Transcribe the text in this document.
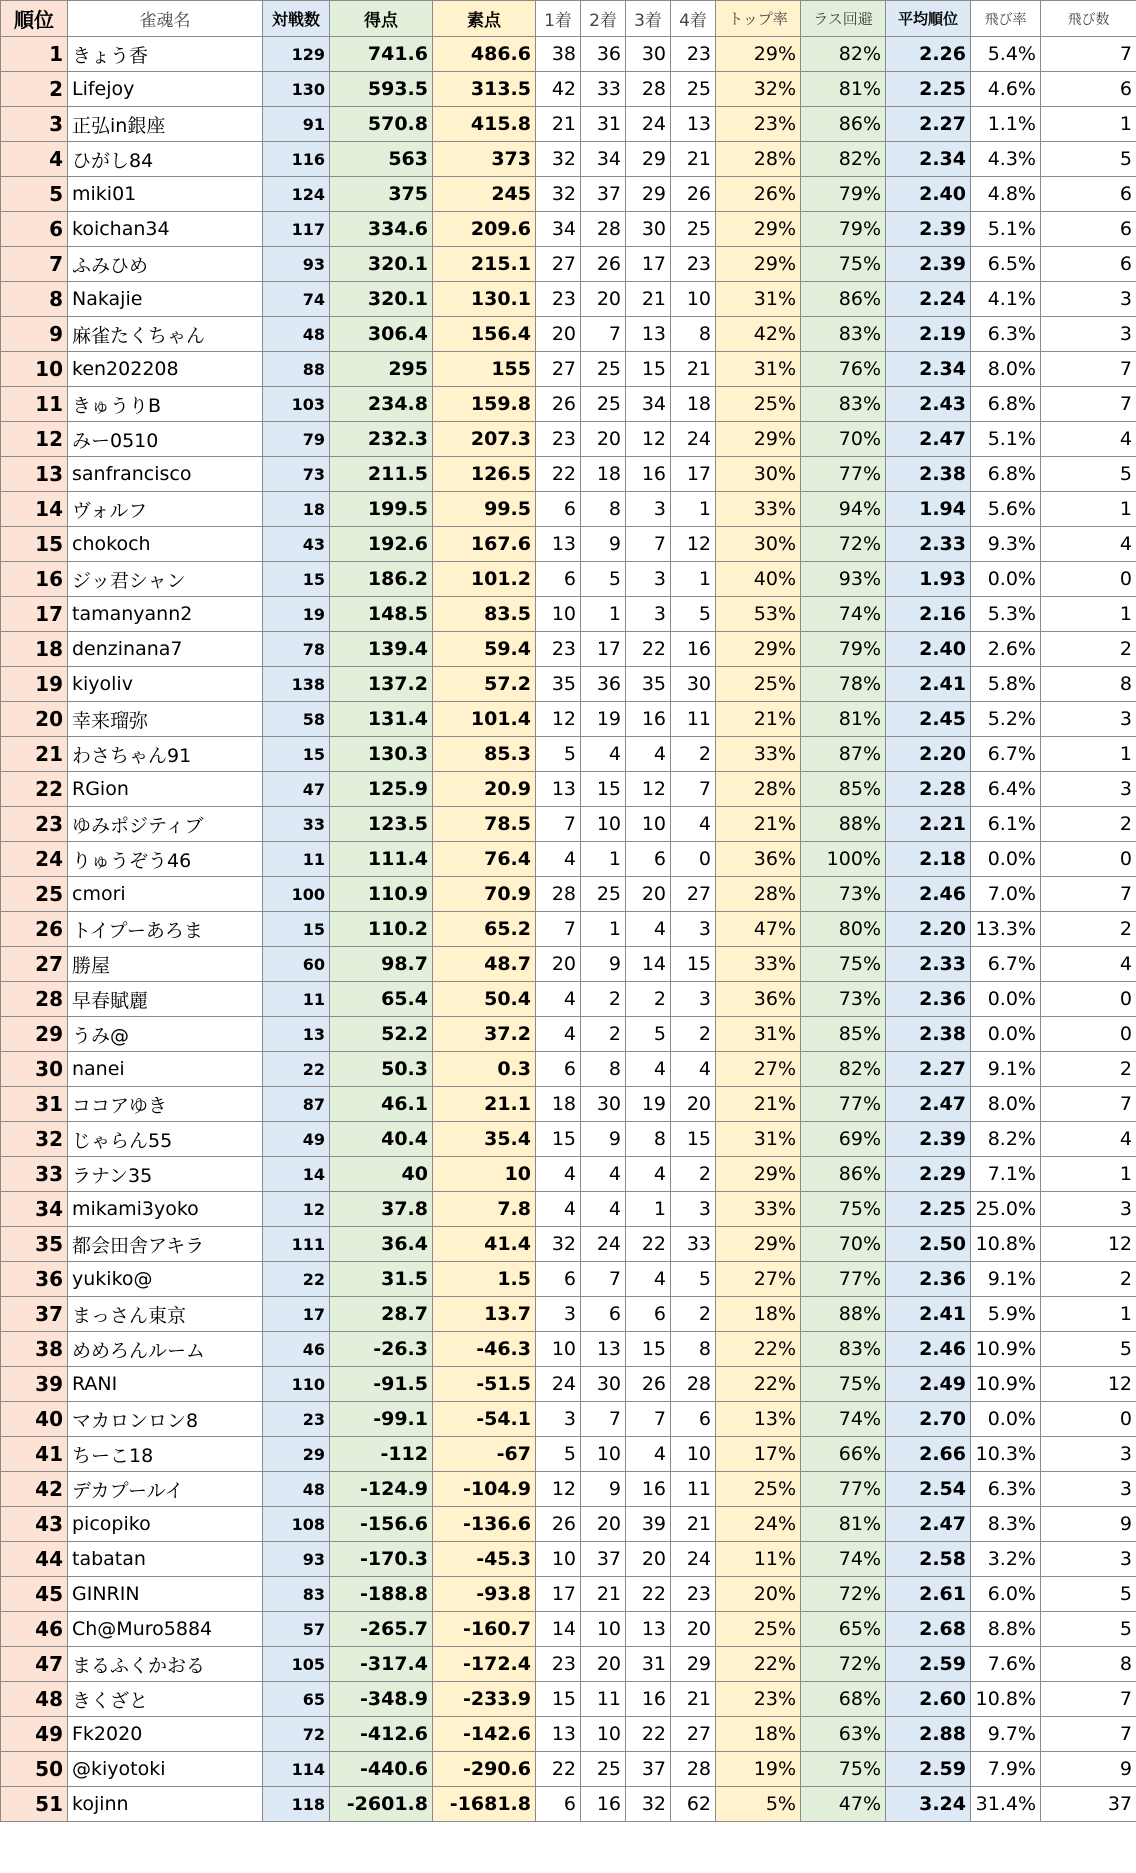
順位	雀魂名	対戦数	得点	素点	1着	2着	3着	4着	トップ率	ラス回避	平均順位	飛び率	飛び数
1	きょう香	129	741.6	486.6	38	36	30	23	29%	82%	2.26	5.4%	7
2	Lifejoy	130	593.5	313.5	42	33	28	25	32%	81%	2.25	4.6%	6
3	正弘in銀座	91	570.8	415.8	21	31	24	13	23%	86%	2.27	1.1%	1
4	ひがし84	116	563	373	32	34	29	21	28%	82%	2.34	4.3%	5
5	miki01	124	375	245	32	37	29	26	26%	79%	2.40	4.8%	6
6	koichan34	117	334.6	209.6	34	28	30	25	29%	79%	2.39	5.1%	6
7	ふみひめ	93	320.1	215.1	27	26	17	23	29%	75%	2.39	6.5%	6
8	Nakajie	74	320.1	130.1	23	20	21	10	31%	86%	2.24	4.1%	3
9	麻雀たくちゃん	48	306.4	156.4	20	7	13	8	42%	83%	2.19	6.3%	3
10	ken202208	88	295	155	27	25	15	21	31%	76%	2.34	8.0%	7
11	きゅうりB	103	234.8	159.8	26	25	34	18	25%	83%	2.43	6.8%	7
12	みー0510	79	232.3	207.3	23	20	12	24	29%	70%	2.47	5.1%	4
13	sanfrancisco	73	211.5	126.5	22	18	16	17	30%	77%	2.38	6.8%	5
14	ヴォルフ	18	199.5	99.5	6	8	3	1	33%	94%	1.94	5.6%	1
15	chokoch	43	192.6	167.6	13	9	7	12	30%	72%	2.33	9.3%	4
16	ジッ君シャン	15	186.2	101.2	6	5	3	1	40%	93%	1.93	0.0%	0
17	tamanyann2	19	148.5	83.5	10	1	3	5	53%	74%	2.16	5.3%	1
18	denzinana7	78	139.4	59.4	23	17	22	16	29%	79%	2.40	2.6%	2
19	kiyoliv	138	137.2	57.2	35	36	35	30	25%	78%	2.41	5.8%	8
20	幸来瑠弥	58	131.4	101.4	12	19	16	11	21%	81%	2.45	5.2%	3
21	わさちゃん91	15	130.3	85.3	5	4	4	2	33%	87%	2.20	6.7%	1
22	RGion	47	125.9	20.9	13	15	12	7	28%	85%	2.28	6.4%	3
23	ゆみポジティブ	33	123.5	78.5	7	10	10	4	21%	88%	2.21	6.1%	2
24	りゅうぞう46	11	111.4	76.4	4	1	6	0	36%	100%	2.18	0.0%	0
25	cmori	100	110.9	70.9	28	25	20	27	28%	73%	2.46	7.0%	7
26	トイプーあろま	15	110.2	65.2	7	1	4	3	47%	80%	2.20	13.3%	2
27	勝屋	60	98.7	48.7	20	9	14	15	33%	75%	2.33	6.7%	4
28	早春賦麗	11	65.4	50.4	4	2	2	3	36%	73%	2.36	0.0%	0
29	うみ@	13	52.2	37.2	4	2	5	2	31%	85%	2.38	0.0%	0
30	nanei	22	50.3	0.3	6	8	4	4	27%	82%	2.27	9.1%	2
31	ココアゆき	87	46.1	21.1	18	30	19	20	21%	77%	2.47	8.0%	7
32	じゃらん55	49	40.4	35.4	15	9	8	15	31%	69%	2.39	8.2%	4
33	ラナン35	14	40	10	4	4	4	2	29%	86%	2.29	7.1%	1
34	mikami3yoko	12	37.8	7.8	4	4	1	3	33%	75%	2.25	25.0%	3
35	都会田舎アキラ	111	36.4	41.4	32	24	22	33	29%	70%	2.50	10.8%	12
36	yukiko@	22	31.5	1.5	6	7	4	5	27%	77%	2.36	9.1%	2
37	まっさん東京	17	28.7	13.7	3	6	6	2	18%	88%	2.41	5.9%	1
38	めめろんルーム	46	-26.3	-46.3	10	13	15	8	22%	83%	2.46	10.9%	5
39	RANI	110	-91.5	-51.5	24	30	26	28	22%	75%	2.49	10.9%	12
40	マカロンロン8	23	-99.1	-54.1	3	7	7	6	13%	74%	2.70	0.0%	0
41	ちーこ18	29	-112	-67	5	10	4	10	17%	66%	2.66	10.3%	3
42	デカプールイ	48	-124.9	-104.9	12	9	16	11	25%	77%	2.54	6.3%	3
43	picopiko	108	-156.6	-136.6	26	20	39	21	24%	81%	2.47	8.3%	9
44	tabatan	93	-170.3	-45.3	10	37	20	24	11%	74%	2.58	3.2%	3
45	GINRIN	83	-188.8	-93.8	17	21	22	23	20%	72%	2.61	6.0%	5
46	Ch@Muro5884	57	-265.7	-160.7	14	10	13	20	25%	65%	2.68	8.8%	5
47	まるふくかおる	105	-317.4	-172.4	23	20	31	29	22%	72%	2.59	7.6%	8
48	きくざと	65	-348.9	-233.9	15	11	16	21	23%	68%	2.60	10.8%	7
49	Fk2020	72	-412.6	-142.6	13	10	22	27	18%	63%	2.88	9.7%	7
50	@kiyotoki	114	-440.6	-290.6	22	25	37	28	19%	75%	2.59	7.9%	9
51	kojinn	118	-2601.8	-1681.8	6	16	32	62	5%	47%	3.24	31.4%	37
